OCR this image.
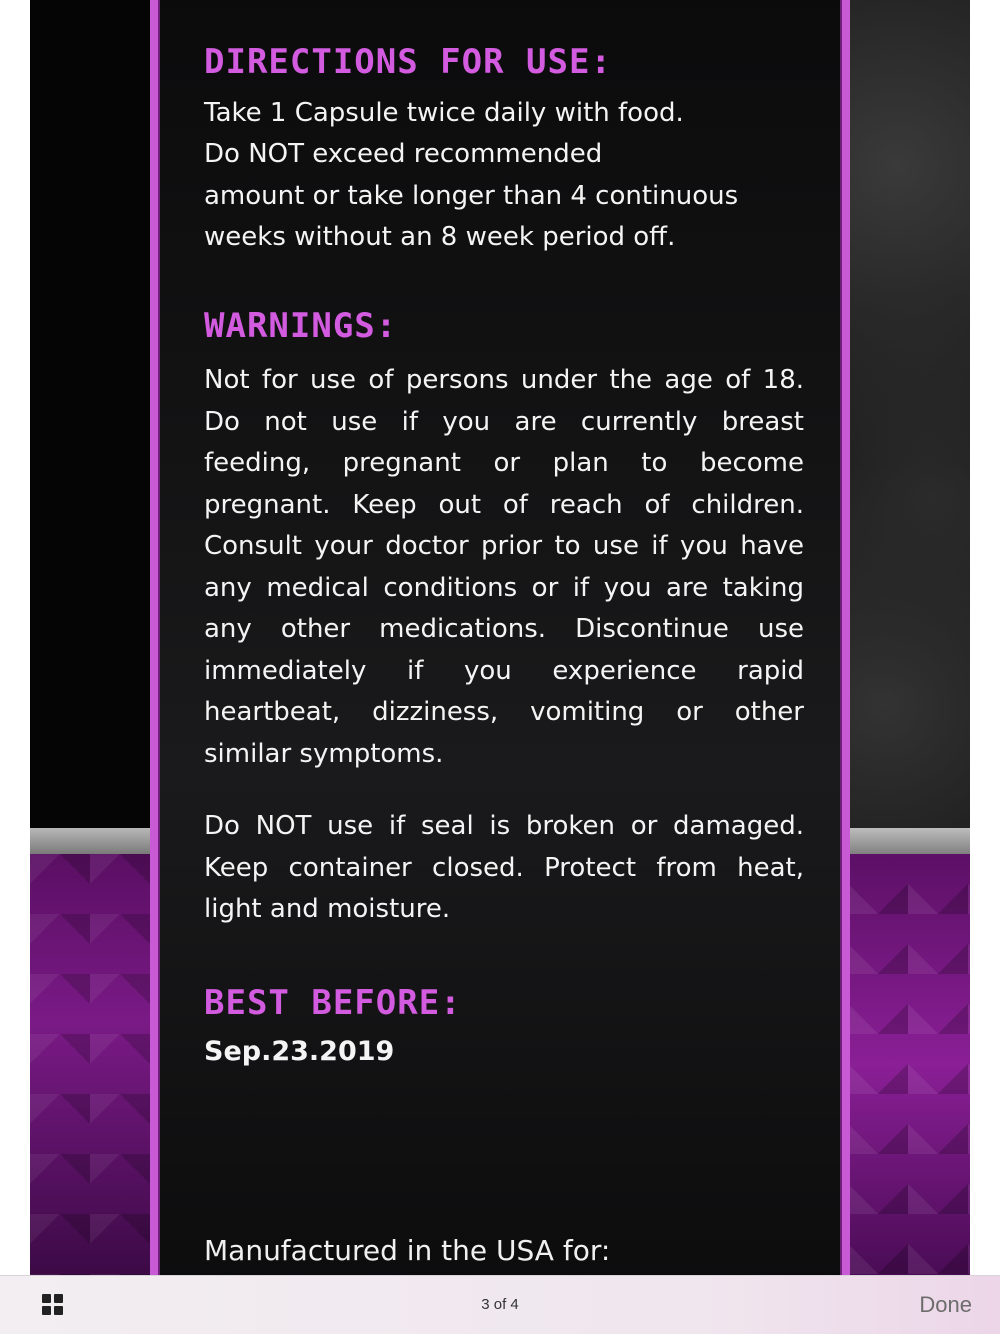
DIRECTIONS FOR USE:

Take 1 Capsule twice daily with food.

Do NOT exceed recommended

amount or take longer than 4 continuous

weeks without an 8 week period off.

WARNINGS:

Not for use of persons under the age of 18. Do not use if you are currently breast feeding, pregnant or plan to become pregnant. Keep out of reach of children. Consult your doctor prior to use if you have any medical conditions or if you are taking any other medications. Discontinue use immediately if you experience rapid heartbeat, dizziness, vomiting or other similar symptoms.

Do NOT use if seal is broken or damaged. Keep container closed. Protect from heat, light and moisture.

BEST BEFORE:

Sep.23.2019

Manufactured in the USA for:

3 of 4	Done
